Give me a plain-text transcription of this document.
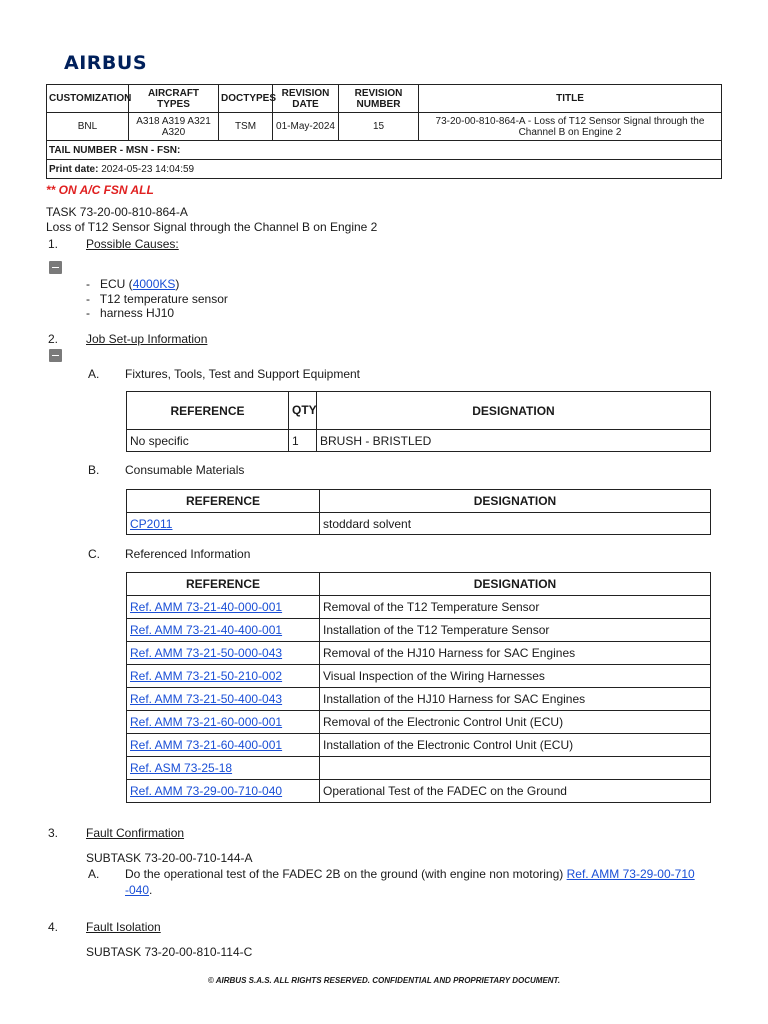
AIRBUS
CUSTOMIZATION	AIRCRAFT TYPES	DOCTYPES	REVISION DATE	REVISION NUMBER	TITLE
BNL	A318 A319 A321 A320	TSM	01-May-2024	15	73-20-00-810-864-A - Loss of T12 Sensor Signal through the Channel B on Engine 2
TAIL NUMBER - MSN - FSN:					
Print date: 2024-05-23 14:04:59					
** ON A/C FSN ALL
TASK 73-20-00-810-864-A
Loss of T12 Sensor Signal through the Channel B on Engine 2
1. Possible Causes:
- ECU (4000KS)
- T12 temperature sensor
- harness HJ10
2. Job Set-up Information
A. Fixtures, Tools, Test and Support Equipment
REFERENCE	QTY	DESIGNATION
No specific	1	BRUSH - BRISTLED
B. Consumable Materials
REFERENCE	DESIGNATION
CP2011	stoddard solvent
C. Referenced Information
REFERENCE	DESIGNATION
Ref. AMM 73-21-40-000-001	Removal of the T12 Temperature Sensor
Ref. AMM 73-21-40-400-001	Installation of the T12 Temperature Sensor
Ref. AMM 73-21-50-000-043	Removal of the HJ10 Harness for SAC Engines
Ref. AMM 73-21-50-210-002	Visual Inspection of the Wiring Harnesses
Ref. AMM 73-21-50-400-043	Installation of the HJ10 Harness for SAC Engines
Ref. AMM 73-21-60-000-001	Removal of the Electronic Control Unit (ECU)
Ref. AMM 73-21-60-400-001	Installation of the Electronic Control Unit (ECU)
Ref. ASM 73-25-18	
Ref. AMM 73-29-00-710-040	Operational Test of the FADEC on the Ground
3. Fault Confirmation
SUBTASK 73-20-00-710-144-A
A. Do the operational test of the FADEC 2B on the ground (with engine non motoring) Ref. AMM 73-29-00-710
-040.
4. Fault Isolation
SUBTASK 73-20-00-810-114-C
© AIRBUS S.A.S. ALL RIGHTS RESERVED. CONFIDENTIAL AND PROPRIETARY DOCUMENT.
